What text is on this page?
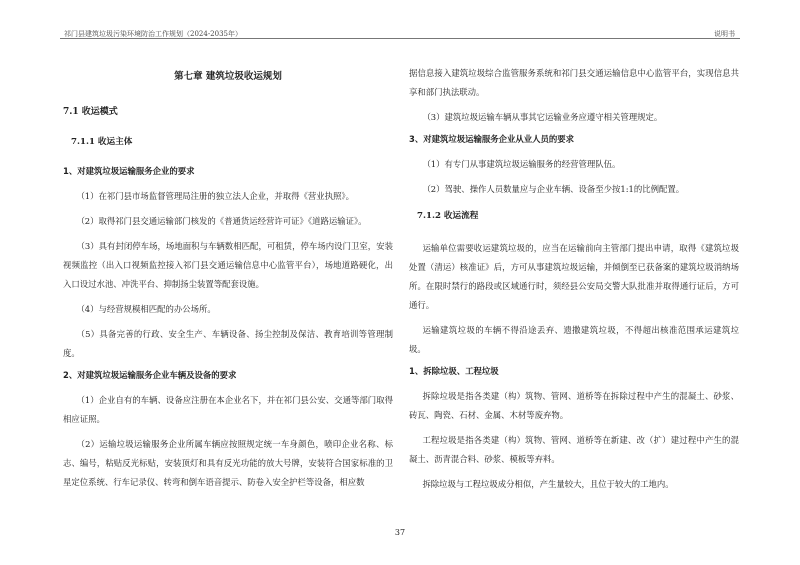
祁门县建筑垃圾污染环境防治工作规划（2024-2035年）	说明书
第七章 建筑垃圾收运规划
7.1 收运模式
7.1.1 收运主体
1、对建筑垃圾运输服务企业的要求

（1）在祁门县市场监督管理局注册的独立法人企业，并取得《营业执照》。

（2）取得祁门县交通运输部门核发的《普通货运经营许可证》《道路运输证》。

（3）具有封闭停车场，场地面积与车辆数相匹配，可租赁，停车场内设门卫室，安装视频监控（出入口视频监控接入祁门县交通运输信息中心监管平台），场地道路硬化，出入口设过水池、冲洗平台、抑制扬尘装置等配套设施。

（4）与经营规模相匹配的办公场所。

（5）具备完善的行政、安全生产、车辆设备、扬尘控制及保洁、教育培训等管理制度。

2、对建筑垃圾运输服务企业车辆及设备的要求

（1）企业自有的车辆、设备应注册在本企业名下，并在祁门县公安、交通等部门取得相应证照。

（2）运输垃圾运输服务企业所属车辆应按照规定统一车身颜色，喷印企业名称、标志、编号，粘贴反光标贴，安装顶灯和具有反光功能的放大号牌，安装符合国家标准的卫星定位系统、行车记录仪、转弯和倒车语音提示、防卷入安全护栏等设备，相应数

据信息接入建筑垃圾综合监管服务系统和祁门县交通运输信息中心监管平台，实现信息共享和部门执法联动。

（3）建筑垃圾运输车辆从事其它运输业务应遵守相关管理规定。

3、对建筑垃圾运输服务企业从业人员的要求

（1）有专门从事建筑垃圾运输服务的经营管理队伍。

（2）驾驶、操作人员数量应与企业车辆、设备至少按1:1的比例配置。

7.1.2 收运流程

运输单位需要收运建筑垃圾的，应当在运输前向主管部门提出申请，取得《建筑垃圾处置（清运）核准证》后，方可从事建筑垃圾运输，并倾倒至已获备案的建筑垃圾消纳场所。在限时禁行的路段或区域通行时，须经县公安局交警大队批准并取得通行证后，方可通行。

运输建筑垃圾的车辆不得沿途丢弃、遗撒建筑垃圾，不得超出核准范围承运建筑垃圾。

1、拆除垃圾、工程垃圾

拆除垃圾是指各类建（构）筑物、管网、道桥等在拆除过程中产生的混凝土、砂浆、砖瓦、陶瓷、石材、金属、木材等废弃物。

工程垃圾是指各类建（构）筑物、管网、道桥等在新建、改（扩）建过程中产生的混凝土、沥青混合料、砂浆、模板等弃料。

拆除垃圾与工程垃圾成分相似，产生量较大，且位于较大的工地内。

37
